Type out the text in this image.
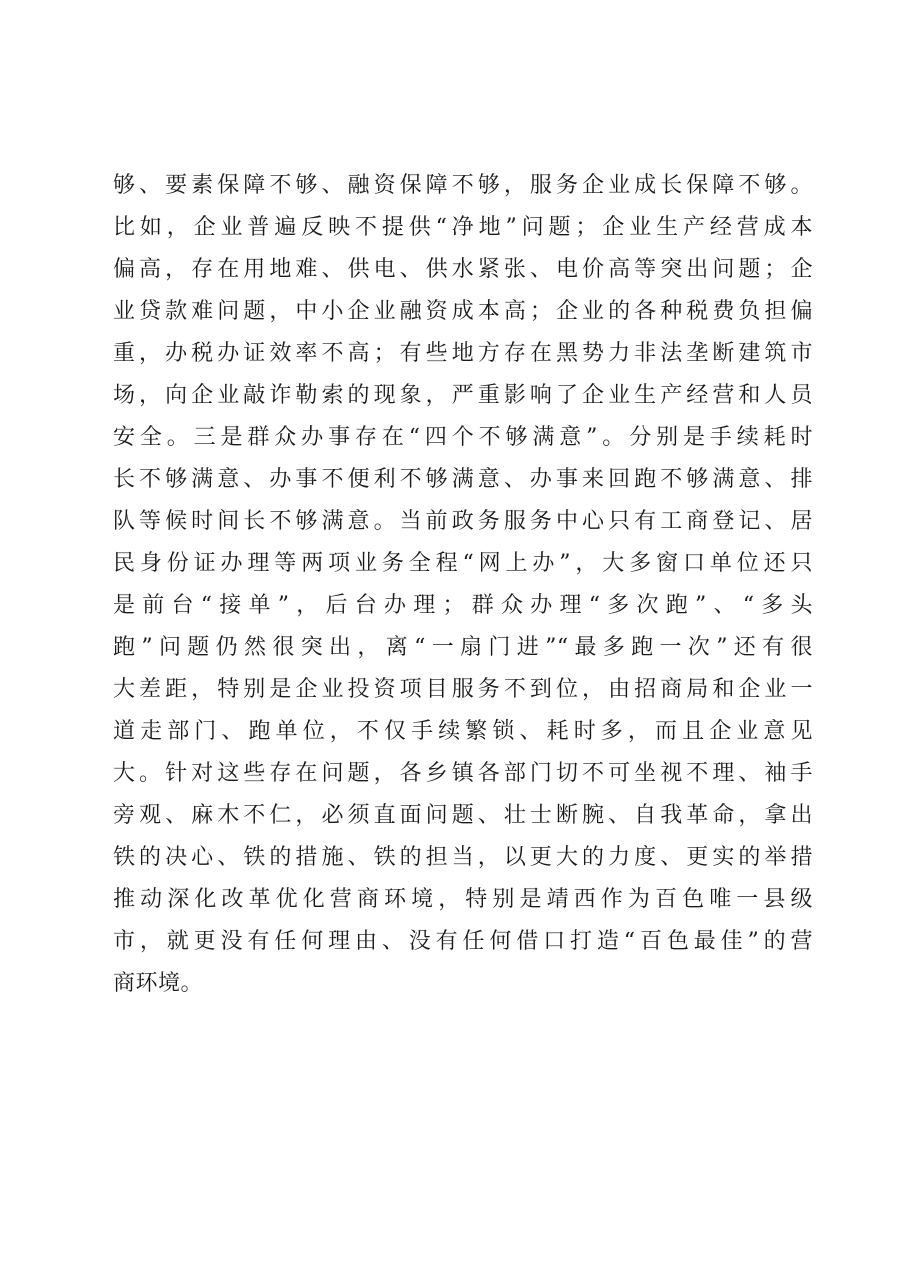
够、要素保障不够、融资保障不够，服务企业成长保障不够。
比如，企业普遍反映不提供“净地”问题；企业生产经营成本
偏高，存在用地难、供电、供水紧张、电价高等突出问题；企
业贷款难问题，中小企业融资成本高；企业的各种税费负担偏
重，办税办证效率不高；有些地方存在黑势力非法垄断建筑市
场，向企业敲诈勒索的现象，严重影响了企业生产经营和人员
安全。三是群众办事存在“四个不够满意”。分别是手续耗时
长不够满意、办事不便利不够满意、办事来回跑不够满意、排
队等候时间长不够满意。当前政务服务中心只有工商登记、居
民身份证办理等两项业务全程“网上办”，大多窗口单位还只
是前台“接单”，后台办理；群众办理“多次跑”、“多头
跑”问题仍然很突出，离“一扇门进”“最多跑一次”还有很
大差距，特别是企业投资项目服务不到位，由招商局和企业一
道走部门、跑单位，不仅手续繁锁、耗时多，而且企业意见
大。针对这些存在问题，各乡镇各部门切不可坐视不理、袖手
旁观、麻木不仁，必须直面问题、壮士断腕、自我革命，拿出
铁的决心、铁的措施、铁的担当，以更大的力度、更实的举措
推动深化改革优化营商环境，特别是靖西作为百色唯一县级
市，就更没有任何理由、没有任何借口打造“百色最佳”的营
商环境。
